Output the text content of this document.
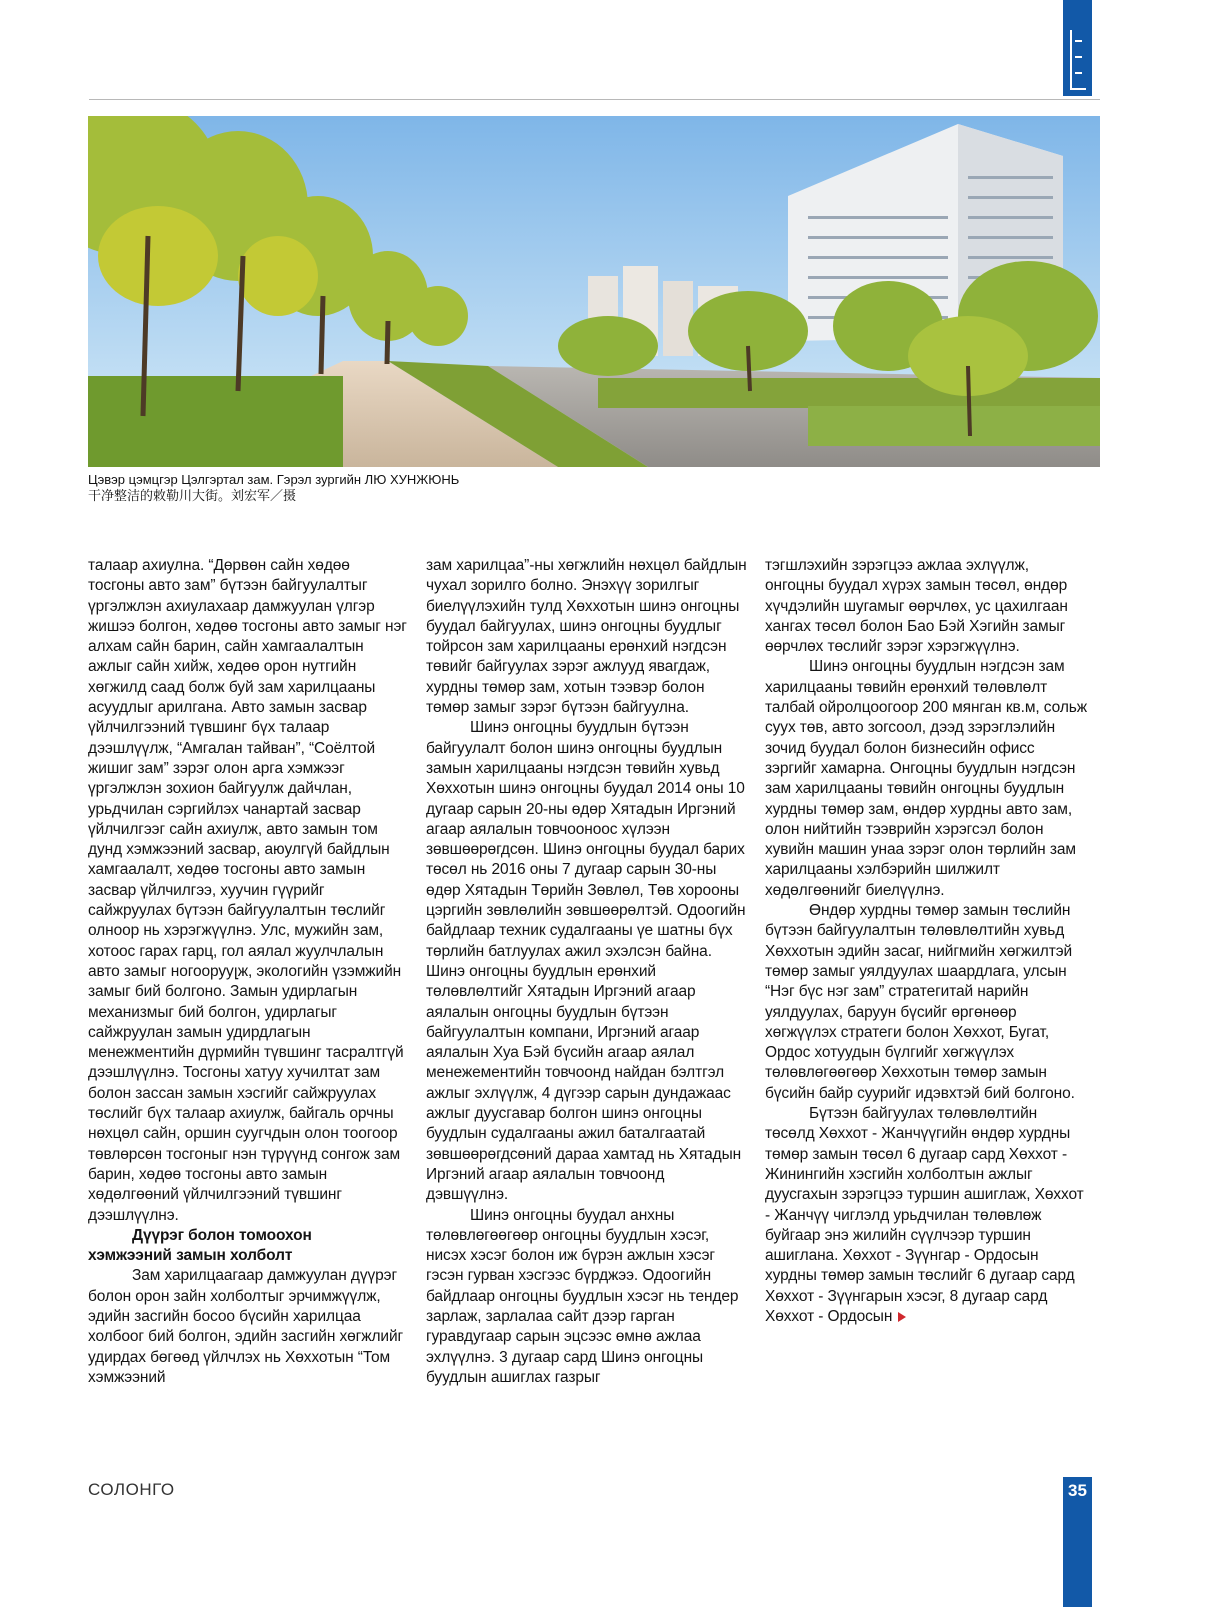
Цэвэр цэмцгэр Цэлгэртал зам. Гэрэл зургийн ЛЮ ХУНЖЮНЬ
干净整洁的敕勒川大街。刘宏军／摄

талаар ахиулна. “Дөрвөн сайн хөдөө тосгоны авто зам” бүтээн байгуулалтыг үргэлжлэн ахиулахаар дамжуулан үлгэр жишээ болгон, хөдөө тосгоны авто замыг нэг алхам сайн барин, сайн хамгаалалтын ажлыг сайн хийж, хөдөө орон нутгийн хөгжилд саад болж буй зам харилцааны асуудлыг арилгана. Авто замын засвар үйлчилгээний түвшинг бүх талаар дээшлүүлж, “Амгалан тайван”, “Соёлтой жишиг зам” зэрэг олон арга хэмжээг үргэлжлэн зохион байгуулж дайчлан, урьдчилан сэргийлэх чанартай засвар үйлчилгээг сайн ахиулж, авто замын том дунд хэмжээний засвар, аюулгүй байдлын хамгаалалт, хөдөө тосгоны авто замын засвар үйлчилгээ, хуучин гүүрийг сайжруулах бүтээн байгуулалтын төслийг олноор нь хэрэгжүүлнэ. Улс, мужийн зам, хотоос гарах гарц, гол аялал жуулчлалын авто замыг ногоорууլж, экологийн үзэмжийн замыг бий болгоно. Замын удирлагын механизмыг бий болгон, удирлагыг сайжруулан замын удирдлагын менежментийн дүрмийн түвшинг тасралтгүй дээшлүүлнэ. Тосгоны хатуу хучилтат зам болон зассан замын хэсгийг сайжруулах төслийг бүх талаар ахиулж, байгаль орчны нөхцөл сайн, оршин суугчдын олон тоогоор төвлөрсөн тосгоныг нэн түрүүнд сонгож зам барин, хөдөө тосгоны авто замын хөдөлгөөний үйлчилгээний түвшинг дээшлүүлнэ.

Дүүрэг болон томоохон

хэмжээний замын холболт

Зам харилцаагаар дамжуулан дүүрэг болон орон зайн холболтыг эрчимжүүлж, эдийн засгийн босоо бүсийн харилцаа холбоог бий болгон, эдийн засгийн хөгжлийг удирдах бөгөөд үйлчлэх нь Хөххотын “Том хэмжээний

зам харилцаа”-ны хөгжлийн нөхцөл байдлын чухал зорилго болно. Энэхүү зорилгыг биелүүлэхийн тулд Хөххотын шинэ онгоцны буудал байгуулах, шинэ онгоцны буудлыг тойрсон зам харилцааны ерөнхий нэгдсэн төвийг байгуулах зэрэг ажлууд явагдаж, хурдны төмөр зам, хотын тээвэр болон төмөр замыг зэрэг бүтээн байгуулна.

Шинэ онгоцны буудлын бүтээн байгуулалт болон шинэ онгоцны буудлын замын харилцааны нэгдсэн төвийн хувьд Хөххотын шинэ онгоцны буудал 2014 оны 10 дугаар сарын 20-ны өдөр Хятадын Иргэний агаар аялалын товчооноос хүлээн зөвшөөрөгдсөн. Шинэ онгоцны буудал барих төсөл нь 2016 оны 7 дугаар сарын 30-ны өдөр Хятадын Төрийн Зөвлөл, Төв хорооны цэргийн зөвлөлийн зөвшөөрөлтэй. Одоогийн байдлаар техник судалгааны үе шатны бүх төрлийн батлуулах ажил эхэлсэн байна. Шинэ онгоцны буудлын ерөнхий төлөвлөлтийг Хятадын Иргэний агаар аялалын онгоцны буудлын бүтээн байгуулалтын компани, Иргэний агаар аялалын Хуа Бэй бүсийн агаар аялал менежементийн товчоонд найдан бэлтгэл ажлыг эхлүүлж, 4 дүгээр сарын дундажаас ажлыг дуусгавар болгон шинэ онгоцны буудлын судалгааны ажил баталгаатай зөвшөөрөгдсөний дараа хамтад нь Хятадын Иргэний агаар аялалын товчоонд дэвшүүлнэ.

Шинэ онгоцны буудал анхны төлөвлөгөөгөөр онгоцны буудлын хэсэг, нисэх хэсэг болон иж бүрэн ажлын хэсэг гэсэн гурван хэсгээс бүрджээ. Одоогийн байдлаар онгоцны буудлын хэсэг нь тендер зарлаж, зарлалаа сайт дээр гарган гуравдугаар сарын эцсээс өмнө ажлаа эхлүүлнэ. 3 дугаар сард Шинэ онгоцны буудлын ашиглах газрыг

тэгшлэхийн зэрэгцээ ажлаа эхлүүлж, онгоцны буудал хүрэх замын төсөл, өндөр хүчдэлийн шугамыг өөрчлөх, ус цахилгаан хангах төсөл болон Бао Бэй Хэгийн замыг өөрчлөх төслийг зэрэг хэрэгжүүлнэ.

Шинэ онгоцны буудлын нэгдсэн зам харилцааны төвийн ерөнхий төлөвлөлт талбай ойролцоогоор 200 мянган кв.м, сольж суух төв, авто зогсоол, дээд зэрэглэлийн зочид буудал болон бизнесийн офисс зэргийг хамарна. Онгоцны буудлын нэгдсэн зам харилцааны төвийн онгоцны буудлын хурдны төмөр зам, өндөр хурдны авто зам, олон нийтийн тээврийн хэрэгсэл болон хувийн машин унаа зэрэг олон төрлийн зам харилцааны хэлбэрийн шилжилт хөдөлгөөнийг биелүүлнэ.

Өндөр хурдны төмөр замын төслийн бүтээн байгуулалтын төлөвлөлтийн хувьд Хөххотын эдийн засаг, нийгмийн хөгжилтэй төмөр замыг уялдуулах шаардлага, улсын “Нэг бүс нэг зам” стратегитай нарийн уялдуулах, баруун бүсийг өргөнөөр хөгжүүлэх стратеги болон Хөххот, Бугат, Ордос хотуудын бүлгийг хөгжүүлэх төлөвлөгөөгөөр Хөххотын төмөр замын бүсийн байр суурийг идэвхтэй бий болгоно.

Бүтээн байгуулах төлөвлөлтийн төсөлд Хөххот - Жанчүүгийн өндөр хурдны төмөр замын төсөл 6 дугаар сард Хөххот - Жинингийн хэсгийн холболтын ажлыг дуусгахын зэрэгцээ туршин ашиглаж, Хөххот - Жанчүү чиглэлд урьдчилан төлөвлөж буйгаар энэ жилийн сүүлчээр туршин ашиглана. Хөххот - Зүүнгар - Ордосын хурдны төмөр замын төслийг 6 дугаар сард Хөххот - Зүүнгарын хэсэг, 8 дугаар сард Хөххот - Ордосын

СОЛОНГО	35
